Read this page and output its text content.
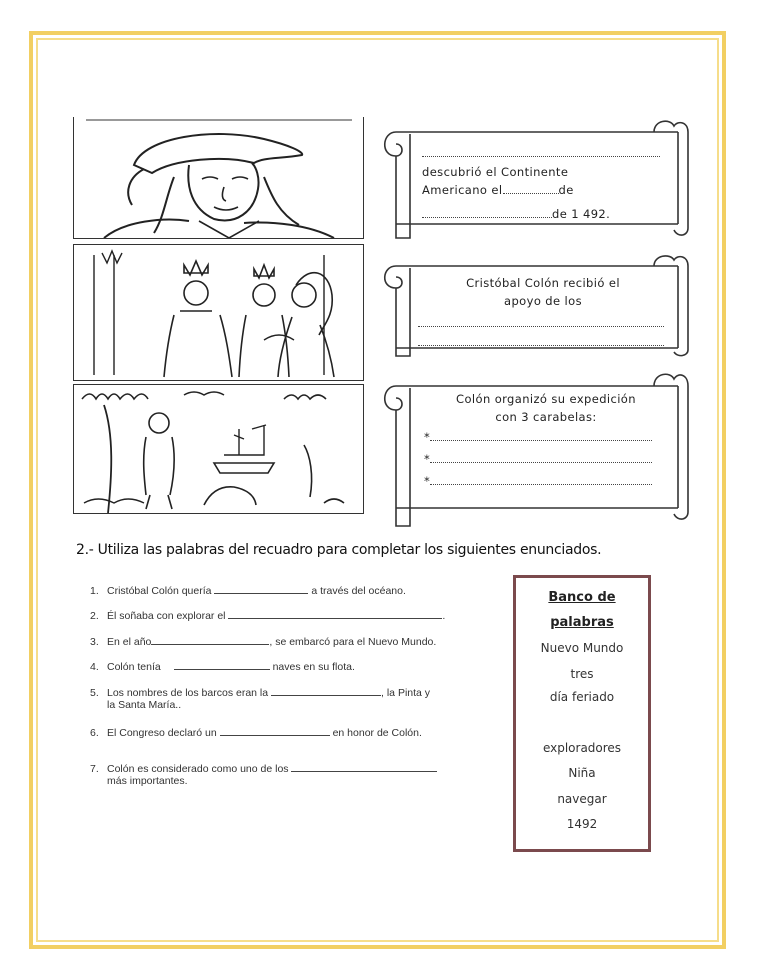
descubrió el Continente
Americano el	de
de 1 492.
Cristóbal Colón recibió el
apoyo de los
Colón organizó su expedición
con 3 carabelas:
*
*
*
2.- Utiliza las palabras del recuadro para completar los siguientes enunciados.
1. Cristóbal Colón quería	a través del océano.
2. Él soñaba con explorar el	.
3. En el año	, se embarcó para el Nuevo Mundo.
4. Colón tenía	naves en su flota.
5. Los nombres de los barcos eran la	, la Pinta y
la Santa María..
6. El Congreso declaró un	en honor de Colón.
7. Colón es considerado como uno de los
más importantes.
Banco de
palabras
Nuevo Mundo
tres
día feriado
exploradores
Niña
navegar
1492
